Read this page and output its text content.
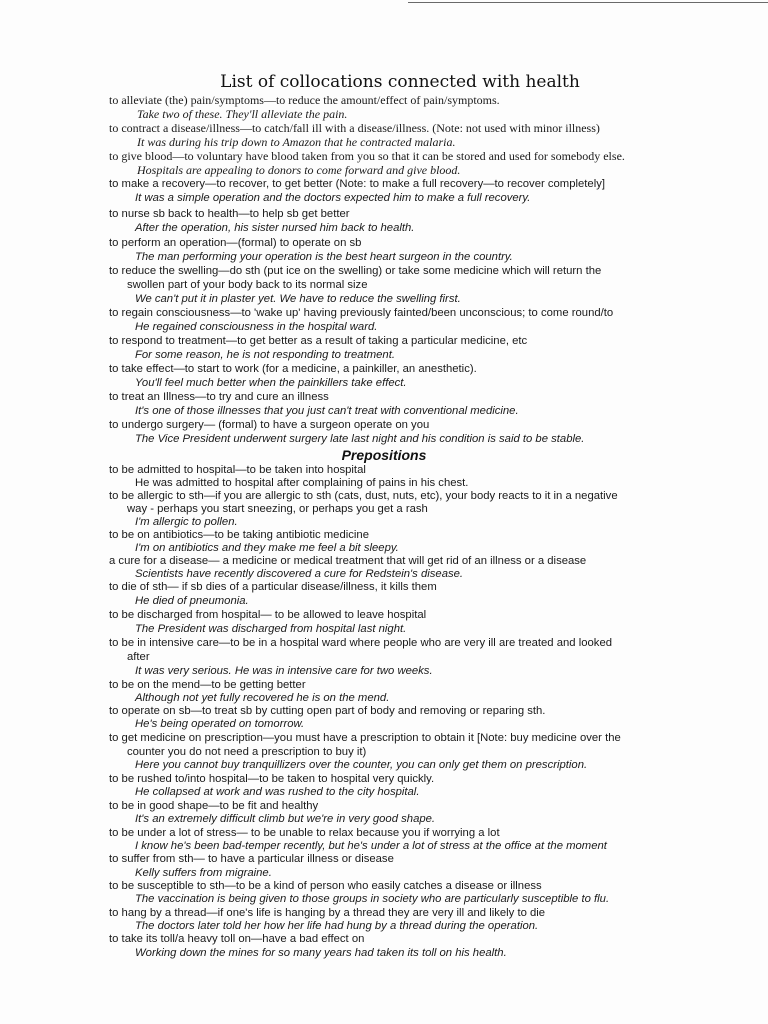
List of collocations connected with health
to alleviate (the) pain/symptoms—to reduce the amount/effect of pain/symptoms.
Take two of these. They'll alleviate the pain.
to contract a disease/illness—to catch/fall ill with a disease/illness. (Note: not used with minor illness)
It was during his trip down to Amazon that he contracted malaria.
to give blood—to voluntary have blood taken from you so that it can be stored and used for somebody else.
Hospitals are appealing to donors to come forward and give blood.
to make a recovery—to recover, to get better (Note: to make a full recovery—to recover completely]
It was a simple operation and the doctors expected him to make a full recovery.
to nurse sb back to health—to help sb get better
After the operation, his sister nursed him back to health.
to perform an operation—(formal) to operate on sb
The man performing your operation is the best heart surgeon in the country.
to reduce the swelling—do sth (put ice on the swelling) or take some medicine which will return the
swollen part of your body back to its normal size
We can't put it in plaster yet. We have to reduce the swelling first.
to regain consciousness—to 'wake up' having previously fainted/been unconscious; to come round/to
He regained consciousness in the hospital ward.
to respond to treatment—to get better as a result of taking a particular medicine, etc
For some reason, he is not responding to treatment.
to take effect—to start to work (for a medicine, a painkiller, an anesthetic).
You'll feel much better when the painkillers take effect.
to treat an Illness—to try and cure an illness
It's one of those illnesses that you just can't treat with conventional medicine.
to undergo surgery— (formal) to have a surgeon operate on you
The Vice President underwent surgery late last night and his condition is said to be stable.
Prepositions
to be admitted to hospital—to be taken into hospital
He was admitted to hospital after complaining of pains in his chest.
to be allergic to sth—if you are allergic to sth (cats, dust, nuts, etc), your body reacts to it in a negative
way - perhaps you start sneezing, or perhaps you get a rash
I'm allergic to pollen.
to be on antibiotics—to be taking antibiotic medicine
I'm on antibiotics and they make me feel a bit sleepy.
a cure for a disease— a medicine or medical treatment that will get rid of an illness or a disease
Scientists have recently discovered a cure for Redstein's disease.
to die of sth— if sb dies of a particular disease/illness, it kills them
He died of pneumonia.
to be discharged from hospital— to be allowed to leave hospital
The President was discharged from hospital last night.
to be in intensive care—to be in a hospital ward where people who are very ill are treated and looked
after
It was very serious. He was in intensive care for two weeks.
to be on the mend—to be getting better
Although not yet fully recovered he is on the mend.
to operate on sb—to treat sb by cutting open part of body and removing or reparing sth.
He's being operated on tomorrow.
to get medicine on prescription—you must have a prescription to obtain it [Note: buy medicine over the
counter you do not need a prescription to buy it)
Here you cannot buy tranquillizers over the counter, you can only get them on prescription.
to be rushed to/into hospital—to be taken to hospital very quickly.
He collapsed at work and was rushed to the city hospital.
to be in good shape—to be fit and healthy
It's an extremely difficult climb but we're in very good shape.
to be under a lot of stress— to be unable to relax because you if worrying a lot
I know he's been bad-temper recently, but he's under a lot of stress at the office at the moment
to suffer from sth— to have a particular illness or disease
Kelly suffers from migraine.
to be susceptible to sth—to be a kind of person who easily catches a disease or illness
The vaccination is being given to those groups in society who are particularly susceptible to flu.
to hang by a thread—if one's life is hanging by a thread they are very ill and likely to die
The doctors later told her how her life had hung by a thread during the operation.
to take its toll/a heavy toll on—have a bad effect on
Working down the mines for so many years had taken its toll on his health.
